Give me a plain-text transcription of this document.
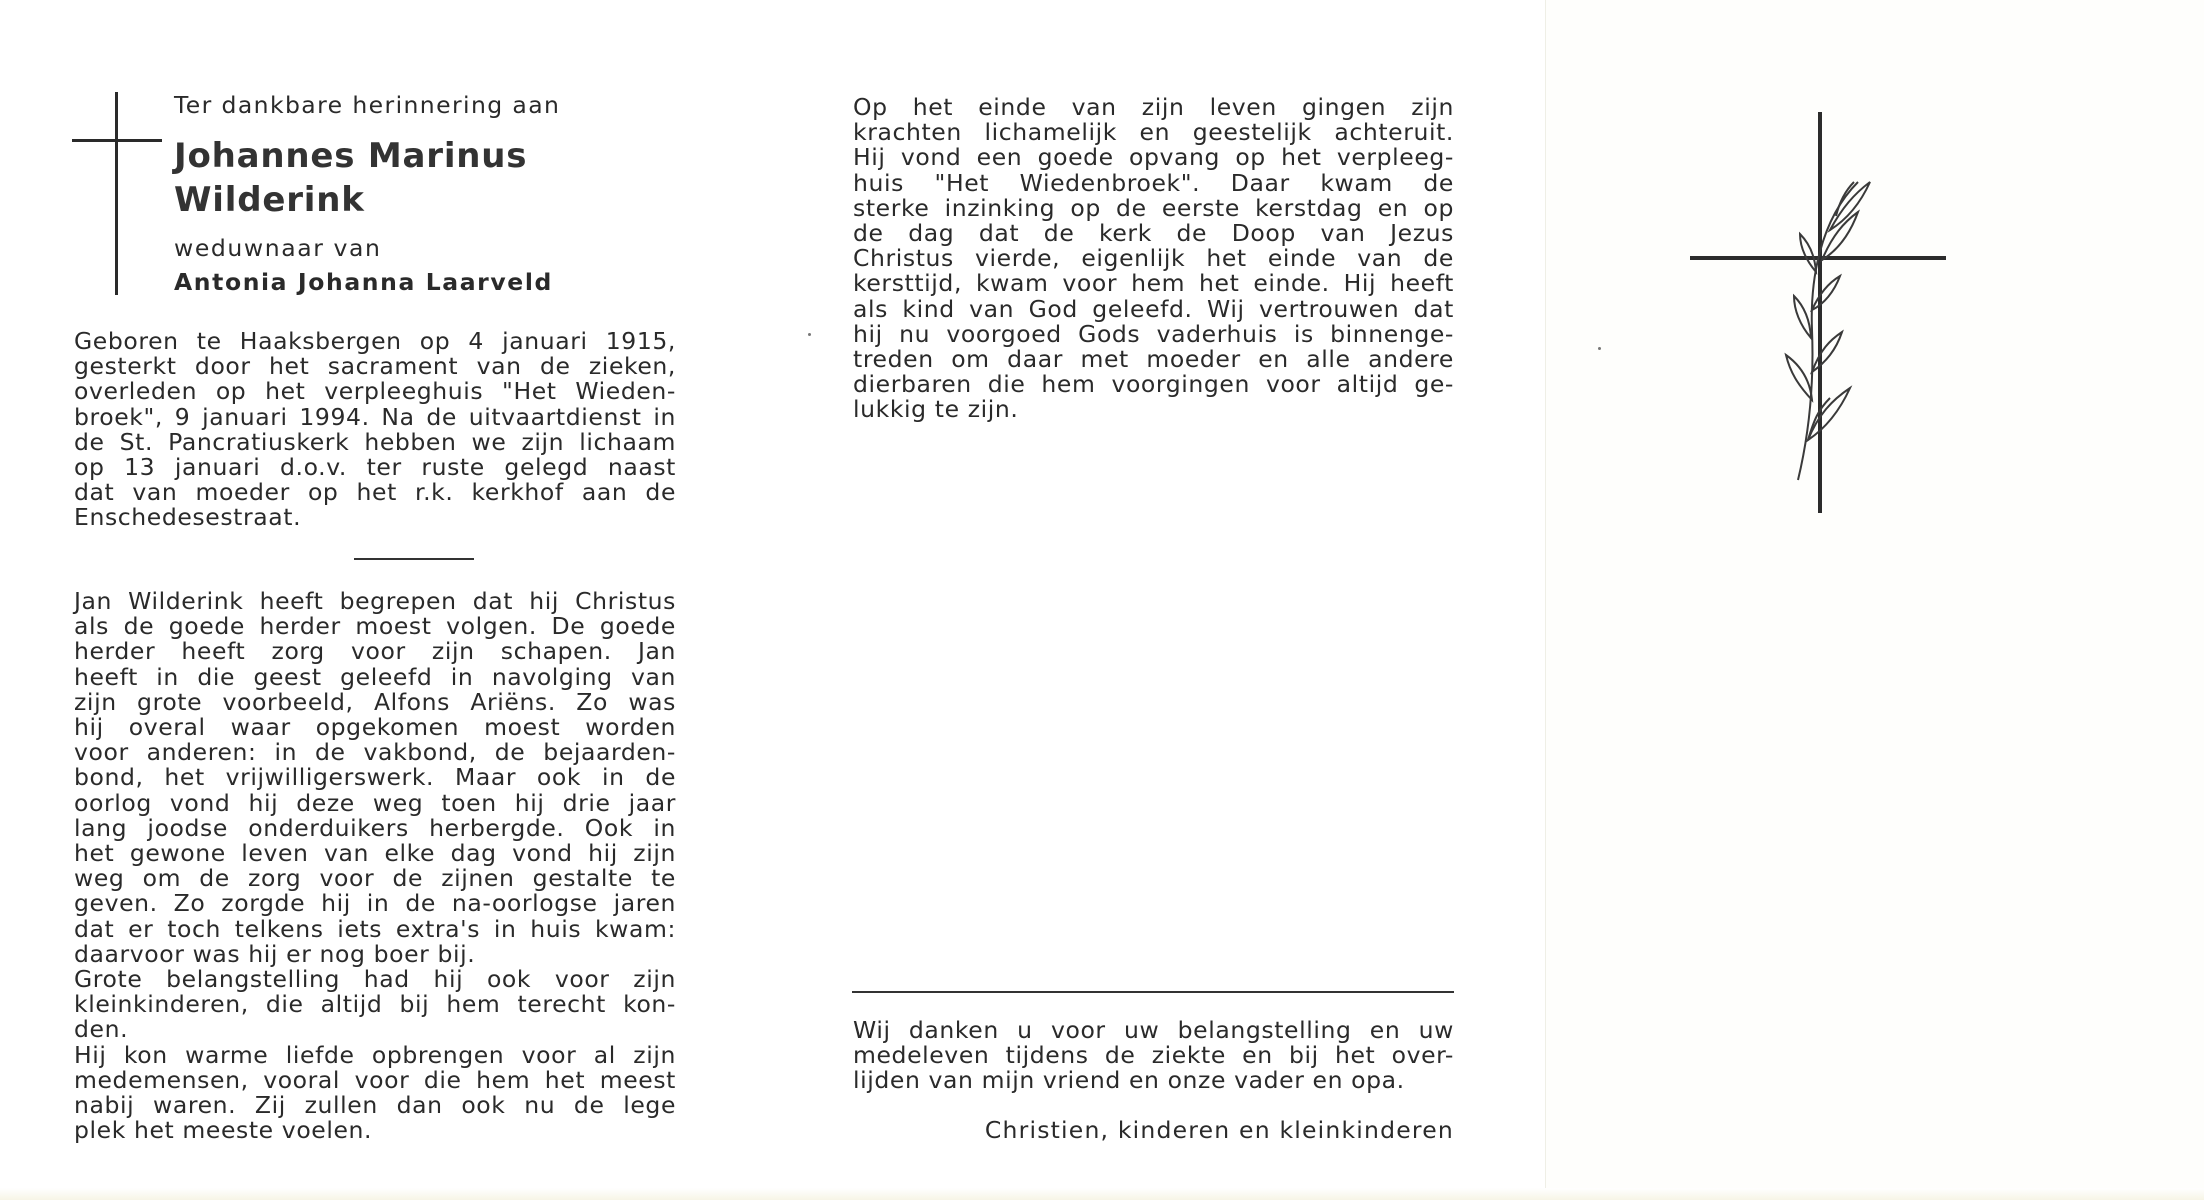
Ter dankbare herinnering aan
Johannes Marinus
Wilderink
weduwnaar van
Antonia Johanna Laarveld
Geboren te Haaksbergen op 4 januari 1915,
gesterkt door het sacrament van de zieken,
overleden op het verpleeghuis "Het Wieden-
broek", 9 januari 1994. Na de uitvaartdienst in
de St. Pancratiuskerk hebben we zijn lichaam
op 13 januari d.o.v. ter ruste gelegd naast
dat van moeder op het r.k. kerkhof aan de
Enschedesestraat.
Jan Wilderink heeft begrepen dat hij Christus
als de goede herder moest volgen. De goede
herder heeft zorg voor zijn schapen. Jan
heeft in die geest geleefd in navolging van
zijn grote voorbeeld, Alfons Ariëns. Zo was
hij overal waar opgekomen moest worden
voor anderen: in de vakbond, de bejaarden-
bond, het vrijwilligerswerk. Maar ook in de
oorlog vond hij deze weg toen hij drie jaar
lang joodse onderduikers herbergde. Ook in
het gewone leven van elke dag vond hij zijn
weg om de zorg voor de zijnen gestalte te
geven. Zo zorgde hij in de na-oorlogse jaren
dat er toch telkens iets extra's in huis kwam:
daarvoor was hij er nog boer bij.
Grote belangstelling had hij ook voor zijn
kleinkinderen, die altijd bij hem terecht kon-
den.
Hij kon warme liefde opbrengen voor al zijn
medemensen, vooral voor die hem het meest
nabij waren. Zij zullen dan ook nu de lege
plek het meeste voelen.
Op het einde van zijn leven gingen zijn
krachten lichamelijk en geestelijk achteruit.
Hij vond een goede opvang op het verpleeg-
huis "Het Wiedenbroek". Daar kwam de
sterke inzinking op de eerste kerstdag en op
de dag dat de kerk de Doop van Jezus
Christus vierde, eigenlijk het einde van de
kersttijd, kwam voor hem het einde. Hij heeft
als kind van God geleefd. Wij vertrouwen dat
hij nu voorgoed Gods vaderhuis is binnenge-
treden om daar met moeder en alle andere
dierbaren die hem voorgingen voor altijd ge-
lukkig te zijn.
Wij danken u voor uw belangstelling en uw
medeleven tijdens de ziekte en bij het over-
lijden van mijn vriend en onze vader en opa.
Christien, kinderen en kleinkinderen
